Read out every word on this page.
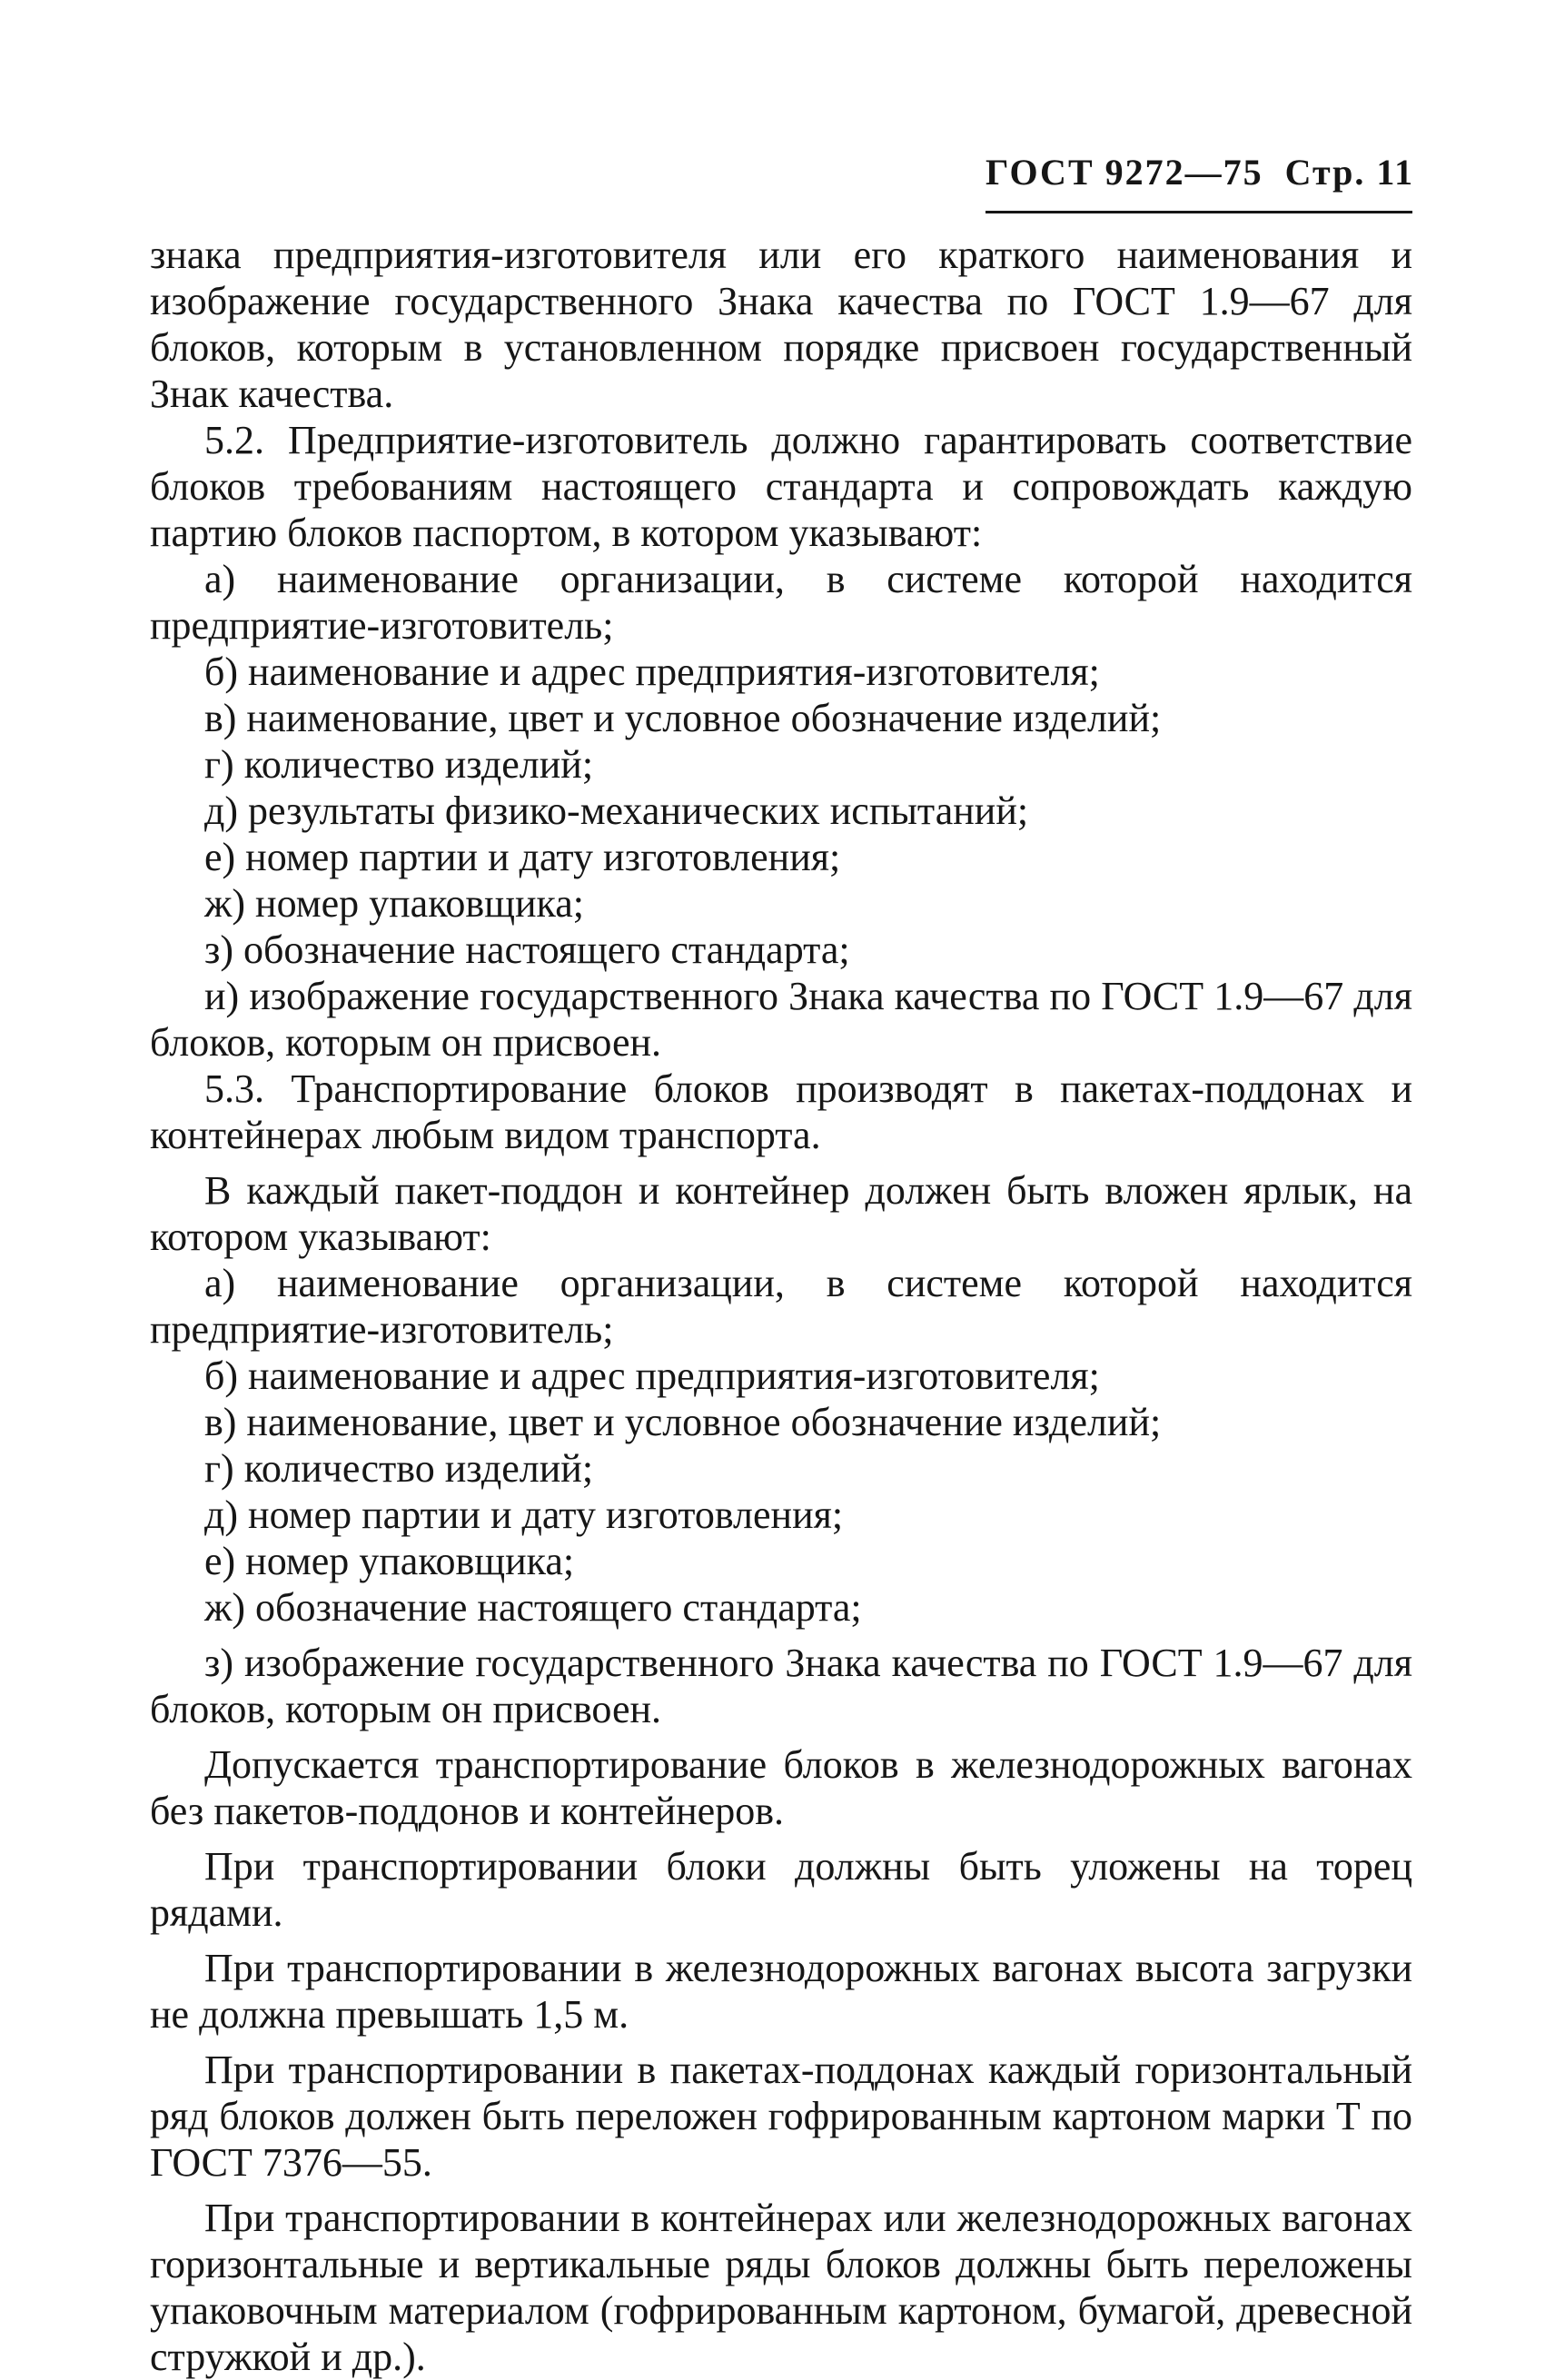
ГОСТ 9272—75 Стр. 11

знака предприятия-изготовителя или его краткого наименования и изображение государственного Знака качества по ГОСТ 1.9—67 для блоков, которым в установленном порядке присвоен государственный Знак качества.

5.2. Предприятие-изготовитель должно гарантировать соответствие блоков требованиям настоящего стандарта и сопровождать каждую партию блоков паспортом, в котором указывают:

а) наименование организации, в системе которой находится предприятие-изготовитель;

б) наименование и адрес предприятия-изготовителя;

в) наименование, цвет и условное обозначение изделий;

г) количество изделий;

д) результаты физико-механических испытаний;

е) номер партии и дату изготовления;

ж) номер упаковщика;

з) обозначение настоящего стандарта;

и) изображение государственного Знака качества по ГОСТ 1.9—67 для блоков, которым он присвоен.

5.3. Транспортирование блоков производят в пакетах-поддонах и контейнерах любым видом транспорта.

В каждый пакет-поддон и контейнер должен быть вложен ярлык, на котором указывают:

а) наименование организации, в системе которой находится предприятие-изготовитель;

б) наименование и адрес предприятия-изготовителя;

в) наименование, цвет и условное обозначение изделий;

г) количество изделий;

д) номер партии и дату изготовления;

е) номер упаковщика;

ж) обозначение настоящего стандарта;

з) изображение государственного Знака качества по ГОСТ 1.9—67 для блоков, которым он присвоен.

Допускается транспортирование блоков в железнодорожных вагонах без пакетов-поддонов и контейнеров.

При транспортировании блоки должны быть уложены на торец рядами.

При транспортировании в железнодорожных вагонах высота загрузки не должна превышать 1,5 м.

При транспортировании в пакетах-поддонах каждый горизонтальный ряд блоков должен быть переложен гофрированным картоном марки Т по ГОСТ 7376—55.

При транспортировании в контейнерах или железнодорожных вагонах горизонтальные и вертикальные ряды блоков должны быть переложены упаковочным материалом (гофрированным картоном, бумагой, древесной стружкой и др.).
